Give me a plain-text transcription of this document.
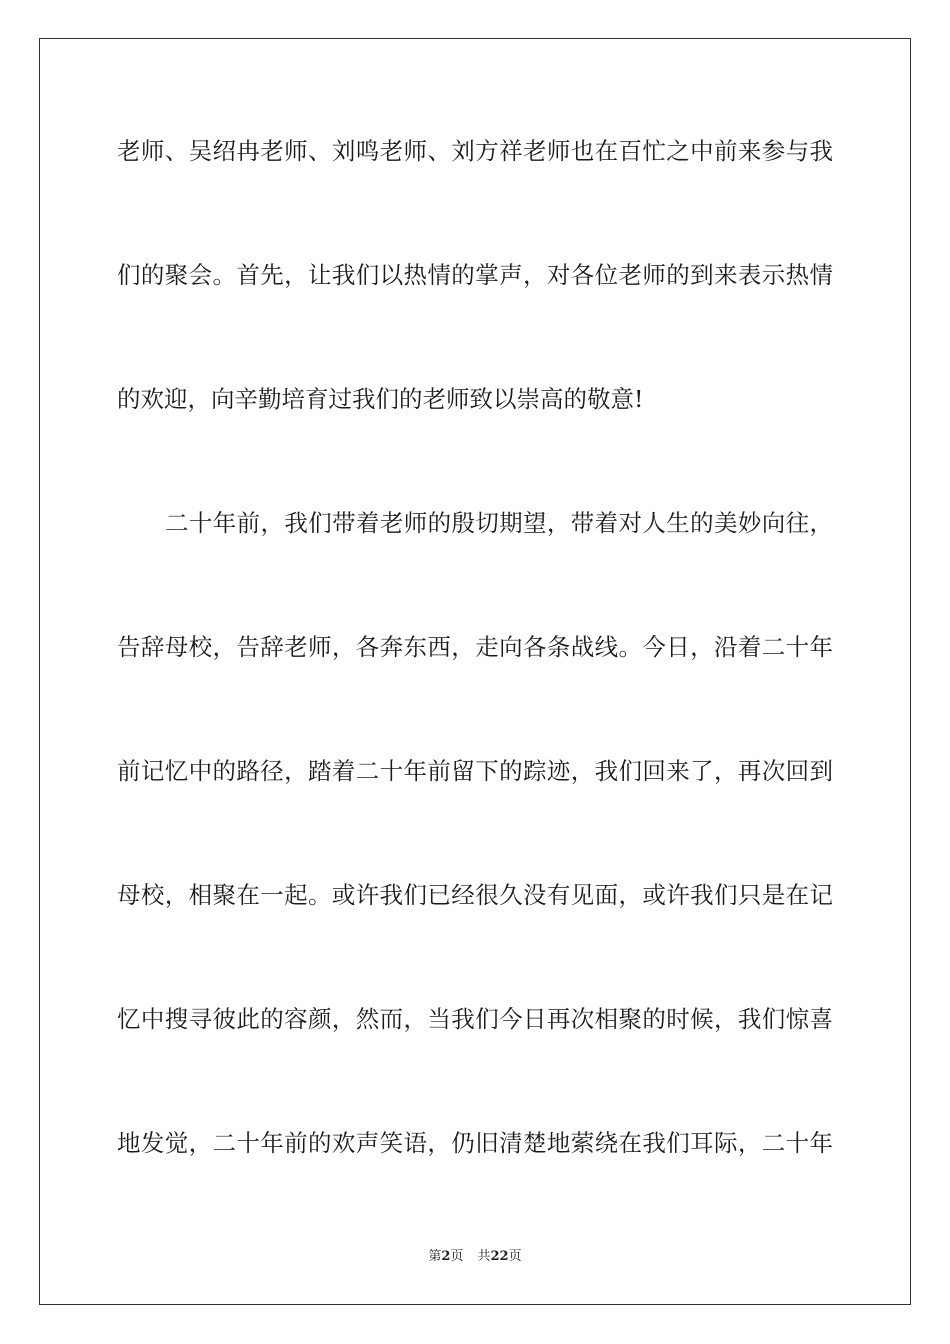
老师、吴绍冉老师、刘鸣老师、刘方祥老师也在百忙之中前来参与我
们的聚会。首先，让我们以热情的掌声，对各位老师的到来表示热情
的欢迎，向辛勤培育过我们的老师致以崇高的敬意!
二十年前，我们带着老师的殷切期望，带着对人生的美妙向往，
告辞母校，告辞老师，各奔东西，走向各条战线。今日，沿着二十年
前记忆中的路径，踏着二十年前留下的踪迹，我们回来了，再次回到
母校，相聚在一起。或许我们已经很久没有见面，或许我们只是在记
忆中搜寻彼此的容颜，然而，当我们今日再次相聚的时候，我们惊喜
地发觉，二十年前的欢声笑语，仍旧清楚地萦绕在我们耳际，二十年
第2页 共22页
